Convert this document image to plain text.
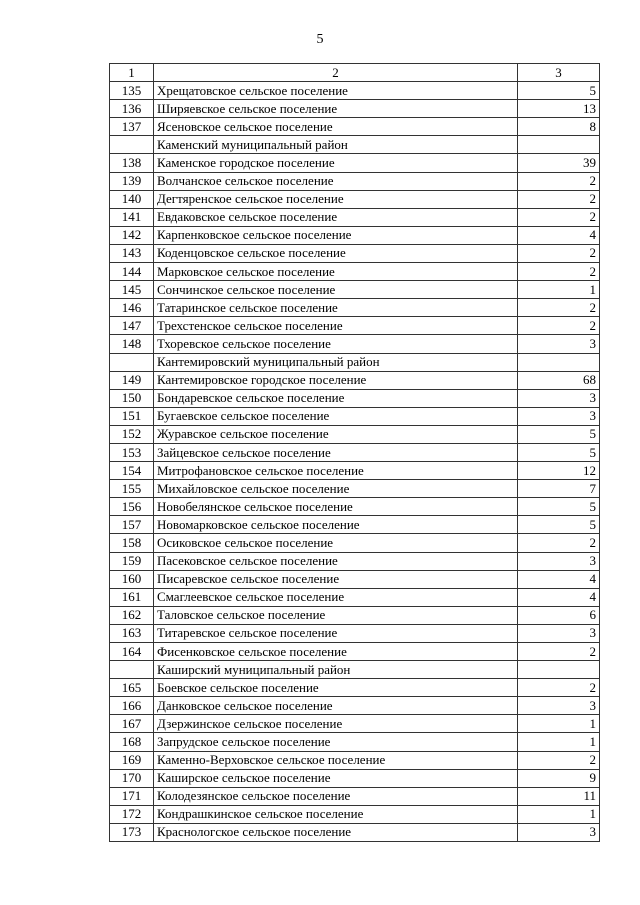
5
1	2	3
135	Хрещатовское сельское поселение	5
136	Ширяевское сельское поселение	13
137	Ясеновское сельское поселение	8
	Каменский муниципальный район	
138	Каменское городское поселение	39
139	Волчанское сельское поселение	2
140	Дегтяренское сельское поселение	2
141	Евдаковское сельское поселение	2
142	Карпенковское сельское поселение	4
143	Коденцовское сельское поселение	2
144	Марковское сельское поселение	2
145	Сончинское сельское поселение	1
146	Татаринское сельское поселение	2
147	Трехстенское сельское поселение	2
148	Тхоревское сельское поселение	3
	Кантемировский муниципальный район	
149	Кантемировское городское поселение	68
150	Бондаревское сельское поселение	3
151	Бугаевское сельское поселение	3
152	Журавское сельское поселение	5
153	Зайцевское сельское поселение	5
154	Митрофановское сельское поселение	12
155	Михайловское сельское поселение	7
156	Новобелянское сельское поселение	5
157	Новомарковское сельское поселение	5
158	Осиковское сельское поселение	2
159	Пасековское сельское поселение	3
160	Писаревское сельское поселение	4
161	Смаглеевское сельское поселение	4
162	Таловское сельское поселение	6
163	Титаревское сельское поселение	3
164	Фисенковское сельское поселение	2
	Каширский муниципальный район	
165	Боевское сельское поселение	2
166	Данковское сельское поселение	3
167	Дзержинское сельское поселение	1
168	Запрудское сельское поселение	1
169	Каменно-Верховское сельское поселение	2
170	Каширское сельское поселение	9
171	Колодезянское сельское поселение	11
172	Кондрашкинское сельское поселение	1
173	Краснологское сельское поселение	3
